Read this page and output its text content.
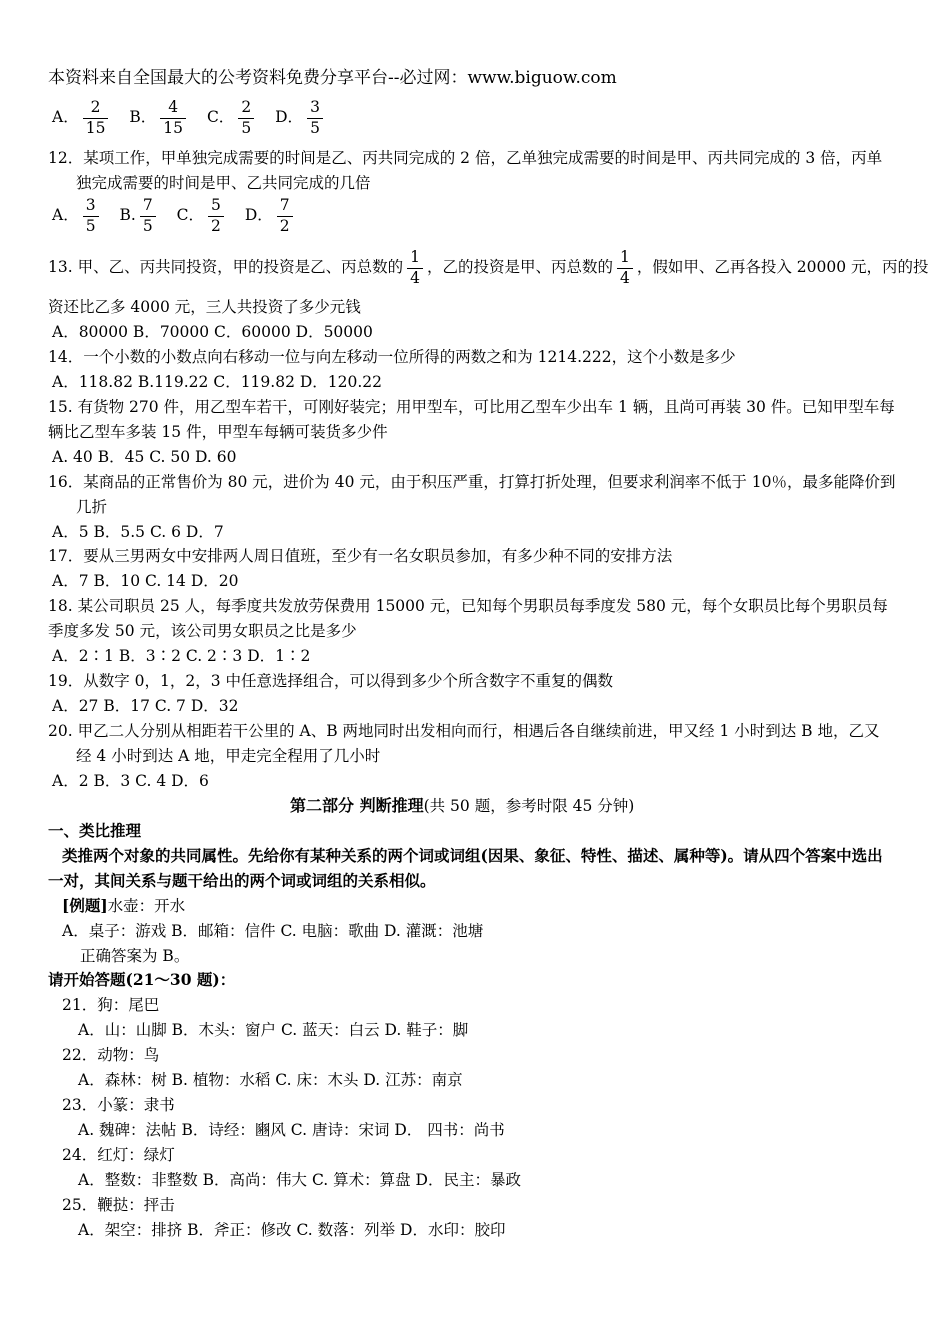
本资料来自全国最大的公考资料免费分享平台--必过网：www.biguow.com
A． $\frac{2}{15}$ B． $\frac{4}{15}$ C． $\frac{2}{5}$ D． $\frac{3}{5}$
12．某项工作，甲单独完成需要的时间是乙、丙共同完成的 2 倍，乙单独完成需要的时间是甲、丙共同完成的 3 倍，丙单
独完成需要的时间是甲、乙共同完成的几倍
A． $\frac{3}{5} B$. $\frac{7}{5}$ C． $\frac{5}{2}$ D． $\frac{7}{2}$
13. 甲、乙、丙共同投资，甲的投资是乙、丙总数的 $\frac{1}{4}$ ，乙的投资是甲、丙总数的 $\frac{1}{4}$ ，假如甲、乙再各投入 20000 元，丙的投
资还比乙多 4000 元，三人共投资了多少元钱
A．80000 B．70000 C．60000 D．50000
14．一个小数的小数点向右移动一位与向左移动一位所得的两数之和为 1214.222，这个小数是多少
A．118.82 B.119.22 C．119.82 D．120.22
15. 有货物 270 件，用乙型车若干，可刚好装完；用甲型车，可比用乙型车少出车 1 辆，且尚可再装 30 件。已知甲型车每
辆比乙型车多装 15 件，甲型车每辆可装货多少件
A. 40 B．45 C. 50 D. 60
16．某商品的正常售价为 80 元，进价为 40 元，由于积压严重，打算打折处理，但要求利润率不低于 10％，最多能降价到
几折
A．5 B．5.5 C. 6 D．7
17．要从三男两女中安排两人周日值班，至少有一名女职员参加，有多少种不同的安排方法
A．7 B．10 C. 14 D．20
18. 某公司职员 25 人，每季度共发放劳保费用 15000 元，已知每个男职员每季度发 580 元，每个女职员比每个男职员每
季度多发 50 元，该公司男女职员之比是多少
A．2∶1 B．3∶2 C. 2∶3 D．1∶2
19．从数字 0，1，2，3 中任意选择组合，可以得到多少个所含数字不重复的偶数
A．27 B．17 C. 7 D．32
20. 甲乙二人分别从相距若干公里的 A、B 两地同时出发相向而行，相遇后各自继续前进，甲又经 1 小时到达 B 地，乙又
经 4 小时到达 A 地，甲走完全程用了几小时
A．2 B．3 C. 4 D．6
第二部分 判断推理(共 50 题，参考时限 45 分钟)
一、类比推理
类推两个对象的共同属性。先给你有某种关系的两个词或词组(因果、象征、特性、描述、属种等)。请从四个答案中选出
一对，其间关系与题干给出的两个词或词组的关系相似。
[例题]水壶：开水
A．桌子：游戏 B．邮箱：信件 C. 电脑：歌曲 D. 灌溉：池塘
正确答案为 B。
请开始答题(21～30 题)：
21．狗：尾巴
A．山：山脚 B．木头：窗户 C. 蓝天：白云 D. 鞋子：脚
22．动物：鸟
A．森林：树 B. 植物：水稻 C. 床：木头 D. 江苏：南京
23．小篆：隶书
A. 魏碑：法帖 B．诗经：豳风 C. 唐诗：宋词 D． 四书：尚书
24．红灯：绿灯
A．整数：非整数 B．高尚：伟大 C. 算术：算盘 D．民主：暴政
25．鞭挞：抨击
A．架空：排挤 B．斧正：修改 C. 数落：列举 D．水印：胶印
